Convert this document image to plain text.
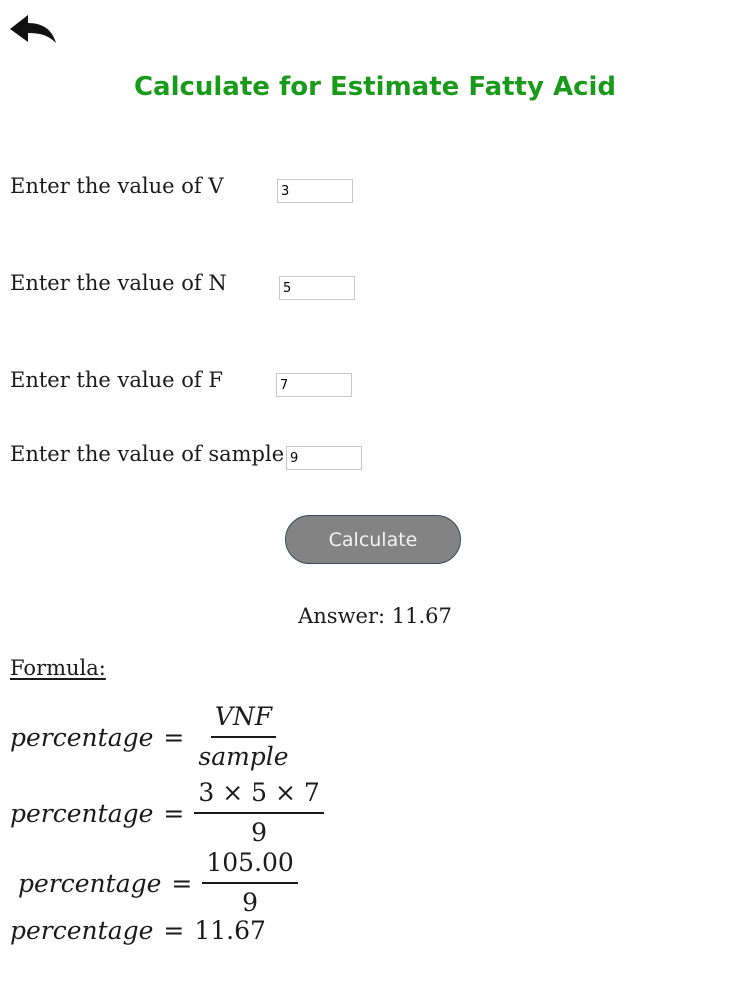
Calculate for Estimate Fatty Acid
Enter the value of V
3
Enter the value of N
5
Enter the value of F
7
Enter the value of sample
9
Calculate
Answer: 11.67
Formula:
percentage = $\frac{\text{VNF}}{\text{sample}}$
percentage = $\frac{3 \times 5 \times 7}{9}$
percentage = $\frac{105.00}{9}$
percentage = 11.67
